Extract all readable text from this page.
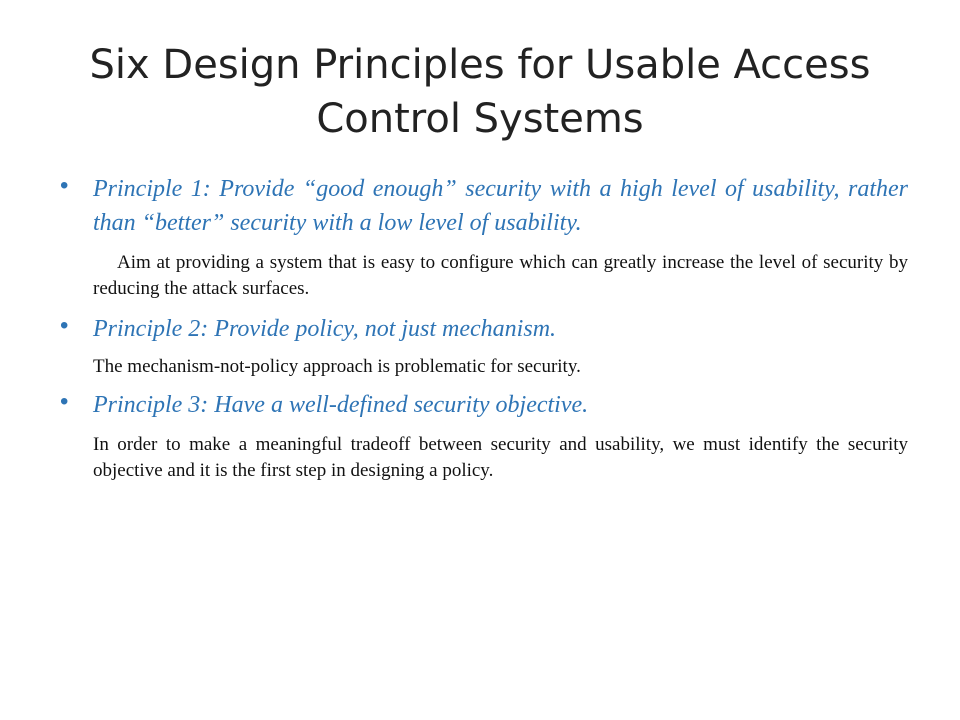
Six Design Principles for Usable Access Control Systems
• Principle 1: Provide “good enough” security with a high level of usability, rather than “better” security with a low level of usability.

Aim at providing a system that is easy to configure which can greatly increase the level of security by reducing the attack surfaces.

• Principle 2: Provide policy, not just mechanism.

The mechanism-not-policy approach is problematic for security.

• Principle 3: Have a well-defined security objective.

In order to make a meaningful tradeoff between security and usability, we must identify the security objective and it is the first step in designing a policy.
